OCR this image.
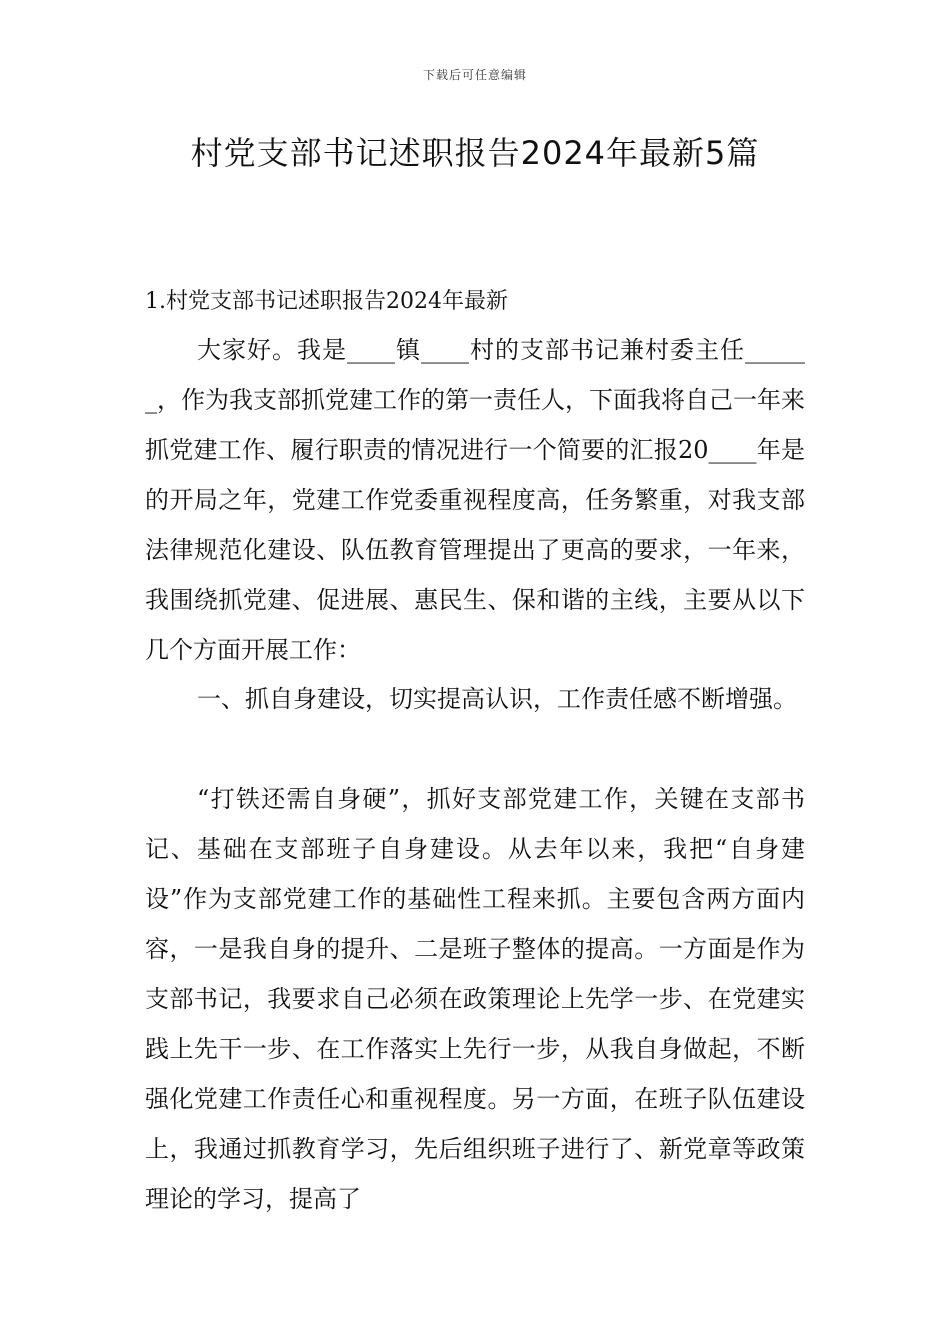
下载后可任意编辑
村党支部书记述职报告2024年最新5篇
1.村党支部书记述职报告2024年最新

大家好。我是____镇____村的支部书记兼村委主任______，作为我支部抓党建工作的第一责任人，下面我将自己一年来抓党建工作、履行职责的情况进行一个简要的汇报20____年是的开局之年，党建工作党委重视程度高，任务繁重，对我支部法律规范化建设、队伍教育管理提出了更高的要求，一年来，我围绕抓党建、促进展、惠民生、保和谐的主线，主要从以下几个方面开展工作：

一、抓自身建设，切实提高认识，工作责任感不断增强。

“打铁还需自身硬”，抓好支部党建工作，关键在支部书记、基础在支部班子自身建设。从去年以来，我把“自身建设”作为支部党建工作的基础性工程来抓。主要包含两方面内容，一是我自身的提升、二是班子整体的提高。一方面是作为支部书记，我要求自己必须在政策理论上先学一步、在党建实践上先干一步、在工作落实上先行一步，从我自身做起，不断强化党建工作责任心和重视程度。另一方面，在班子队伍建设上，我通过抓教育学习，先后组织班子进行了、新党章等政策理论的学习，提高了
